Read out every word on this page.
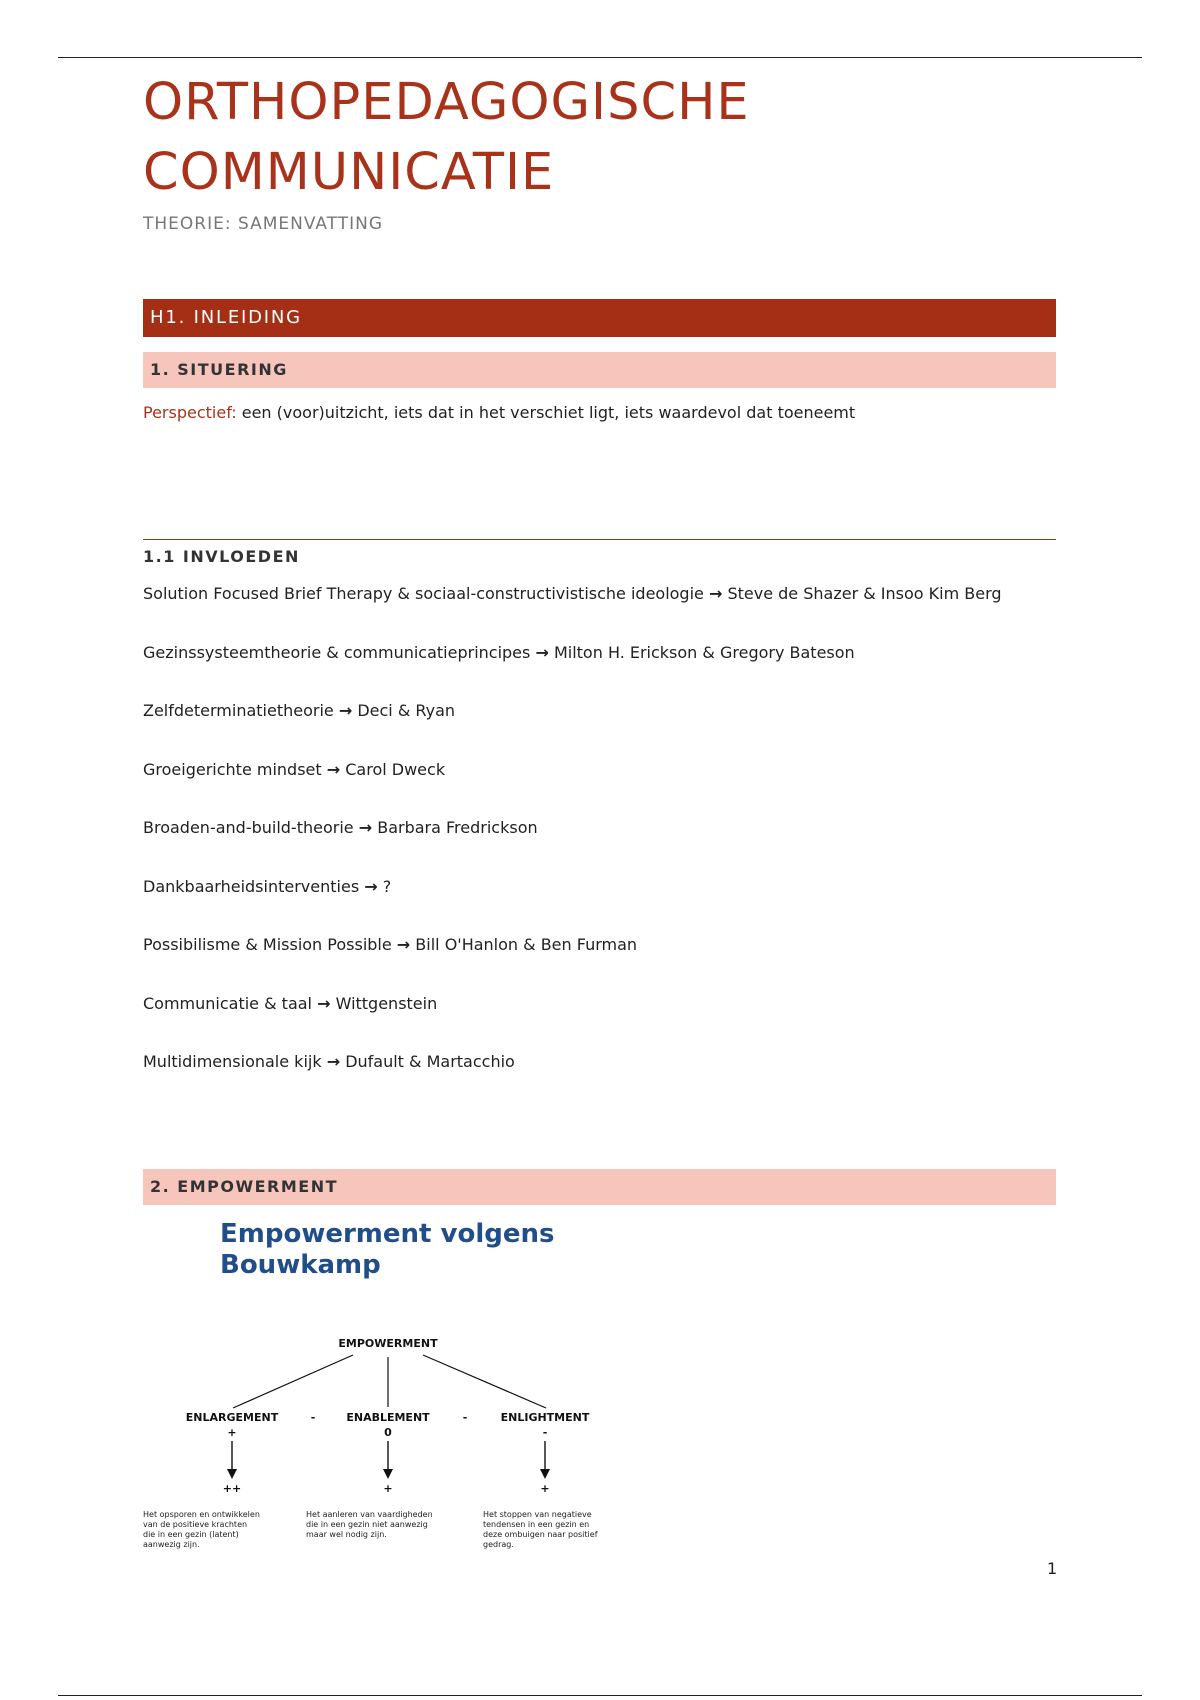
ORTHOPEDAGOGISCHE
COMMUNICATIE
THEORIE: SAMENVATTING
H1. INLEIDING
1. SITUERING
Perspectief: een (voor)uitzicht, iets dat in het verschiet ligt, iets waardevol dat toeneemt
1.1 INVLOEDEN
Solution Focused Brief Therapy & sociaal-constructivistische ideologie → Steve de Shazer & Insoo Kim Berg
Gezinssysteemtheorie & communicatieprincipes → Milton H. Erickson & Gregory Bateson
Zelfdeterminatietheorie → Deci & Ryan
Groeigerichte mindset → Carol Dweck
Broaden-and-build-theorie → Barbara Fredrickson
Dankbaarheidsinterventies → ?
Possibilisme & Mission Possible → Bill O'Hanlon & Ben Furman
Communicatie & taal → Wittgenstein
Multidimensionale kijk → Dufault & Martacchio
2. EMPOWERMENT
Empowerment volgens
Bouwkamp
EMPOWERMENT
ENLARGEMENT	-	ENABLEMENT	-	ENLIGHTMENT
+	0	-
++	+	+
Het opsporen en ontwikkelen
van de positieve krachten
die in een gezin (latent)
aanwezig zijn.
Het aanleren van vaardigheden
die in een gezin niet aanwezig
maar wel nodig zijn.
Het stoppen van negatieve
tendensen in een gezin en
deze ombuigen naar positief
gedrag.
1
